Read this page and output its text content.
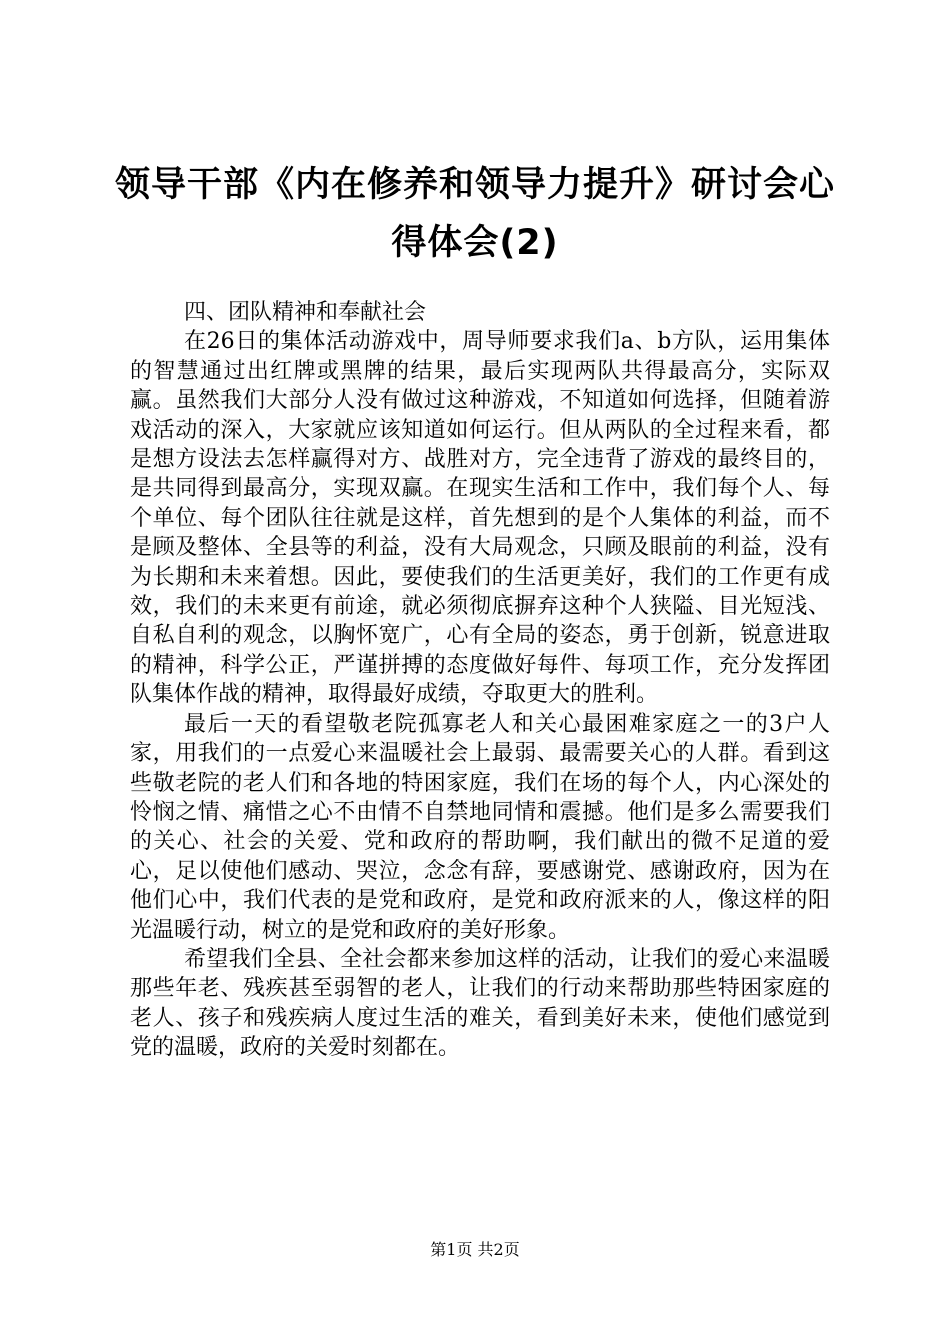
领导干部《内在修养和领导力提升》研讨会心
得体会(2)

四、团队精神和奉献社会

在26日的集体活动游戏中，周导师要求我们a、b方队，运用集体的智慧通过出红牌或黑牌的结果，最后实现两队共得最高分，实际双赢。虽然我们大部分人没有做过这种游戏，不知道如何选择，但随着游戏活动的深入，大家就应该知道如何运行。但从两队的全过程来看，都是想方设法去怎样赢得对方、战胜对方，完全违背了游戏的最终目的，是共同得到最高分，实现双赢。在现实生活和工作中，我们每个人、每个单位、每个团队往往就是这样，首先想到的是个人集体的利益，而不是顾及整体、全县等的利益，没有大局观念，只顾及眼前的利益，没有为长期和未来着想。因此，要使我们的生活更美好，我们的工作更有成效，我们的未来更有前途，就必须彻底摒弃这种个人狭隘、目光短浅、自私自利的观念，以胸怀宽广，心有全局的姿态，勇于创新，锐意进取的精神，科学公正，严谨拼搏的态度做好每件、每项工作，充分发挥团队集体作战的精神，取得最好成绩，夺取更大的胜利。

最后一天的看望敬老院孤寡老人和关心最困难家庭之一的3户人家，用我们的一点爱心来温暖社会上最弱、最需要关心的人群。看到这些敬老院的老人们和各地的特困家庭，我们在场的每个人，内心深处的怜悯之情、痛惜之心不由情不自禁地同情和震撼。他们是多么需要我们的关心、社会的关爱、党和政府的帮助啊，我们献出的微不足道的爱心，足以使他们感动、哭泣，念念有辞，要感谢党、感谢政府，因为在他们心中，我们代表的是党和政府，是党和政府派来的人，像这样的阳光温暖行动，树立的是党和政府的美好形象。

希望我们全县、全社会都来参加这样的活动，让我们的爱心来温暖那些年老、残疾甚至弱智的老人，让我们的行动来帮助那些特困家庭的老人、孩子和残疾病人度过生活的难关，看到美好未来，使他们感觉到党的温暖，政府的关爱时刻都在。

第1页 共2页
